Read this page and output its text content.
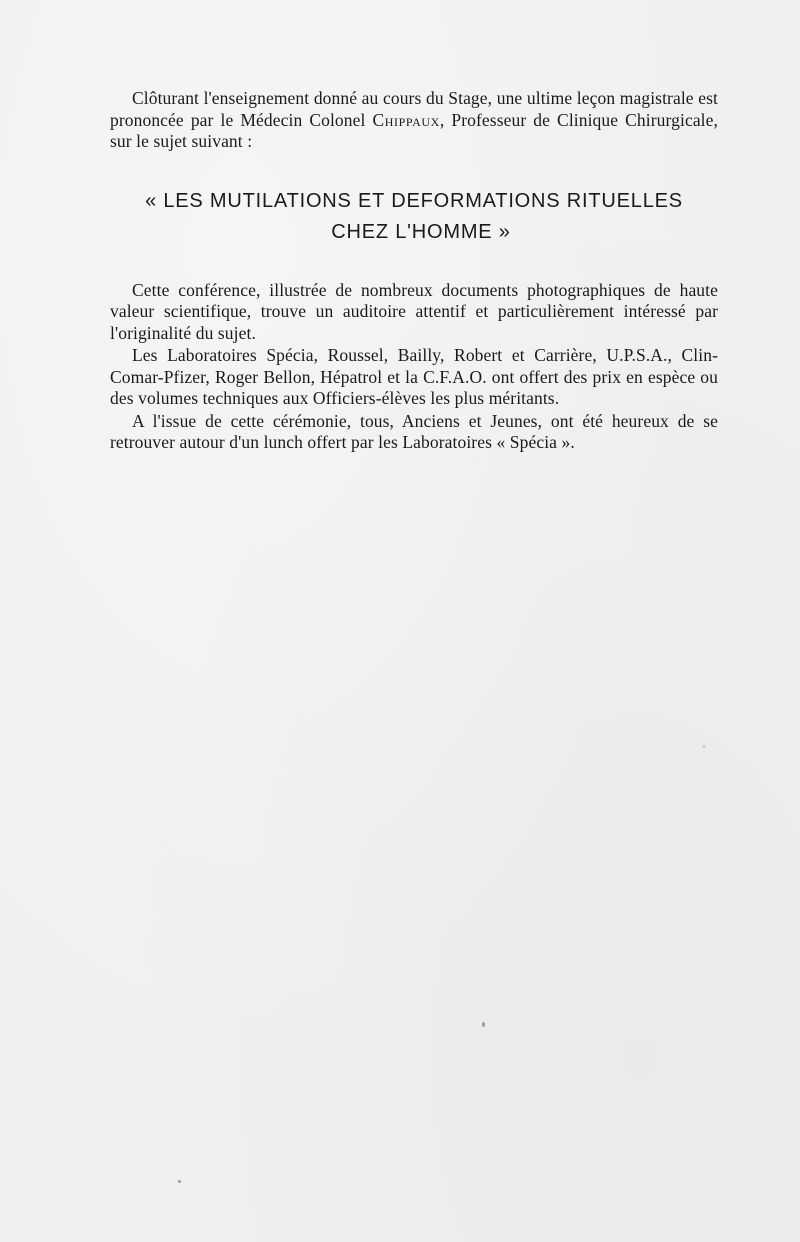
Clôturant l'enseignement donné au cours du Stage, une ultime leçon magistrale est prononcée par le Médecin Colonel Chippaux, Professeur de Clinique Chirurgicale, sur le sujet suivant :

« LES MUTILATIONS ET DEFORMATIONS RITUELLES
CHEZ L'HOMME »

Cette conférence, illustrée de nombreux documents photographiques de haute valeur scientifique, trouve un auditoire attentif et particulièrement intéressé par l'originalité du sujet.

Les Laboratoires Spécia, Roussel, Bailly, Robert et Carrière, U.P.S.A., Clin-Comar-Pfizer, Roger Bellon, Hépatrol et la C.F.A.O. ont offert des prix en espèce ou des volumes techniques aux Officiers-élèves les plus méritants.

A l'issue de cette cérémonie, tous, Anciens et Jeunes, ont été heureux de se retrouver autour d'un lunch offert par les Laboratoires « Spécia ».
